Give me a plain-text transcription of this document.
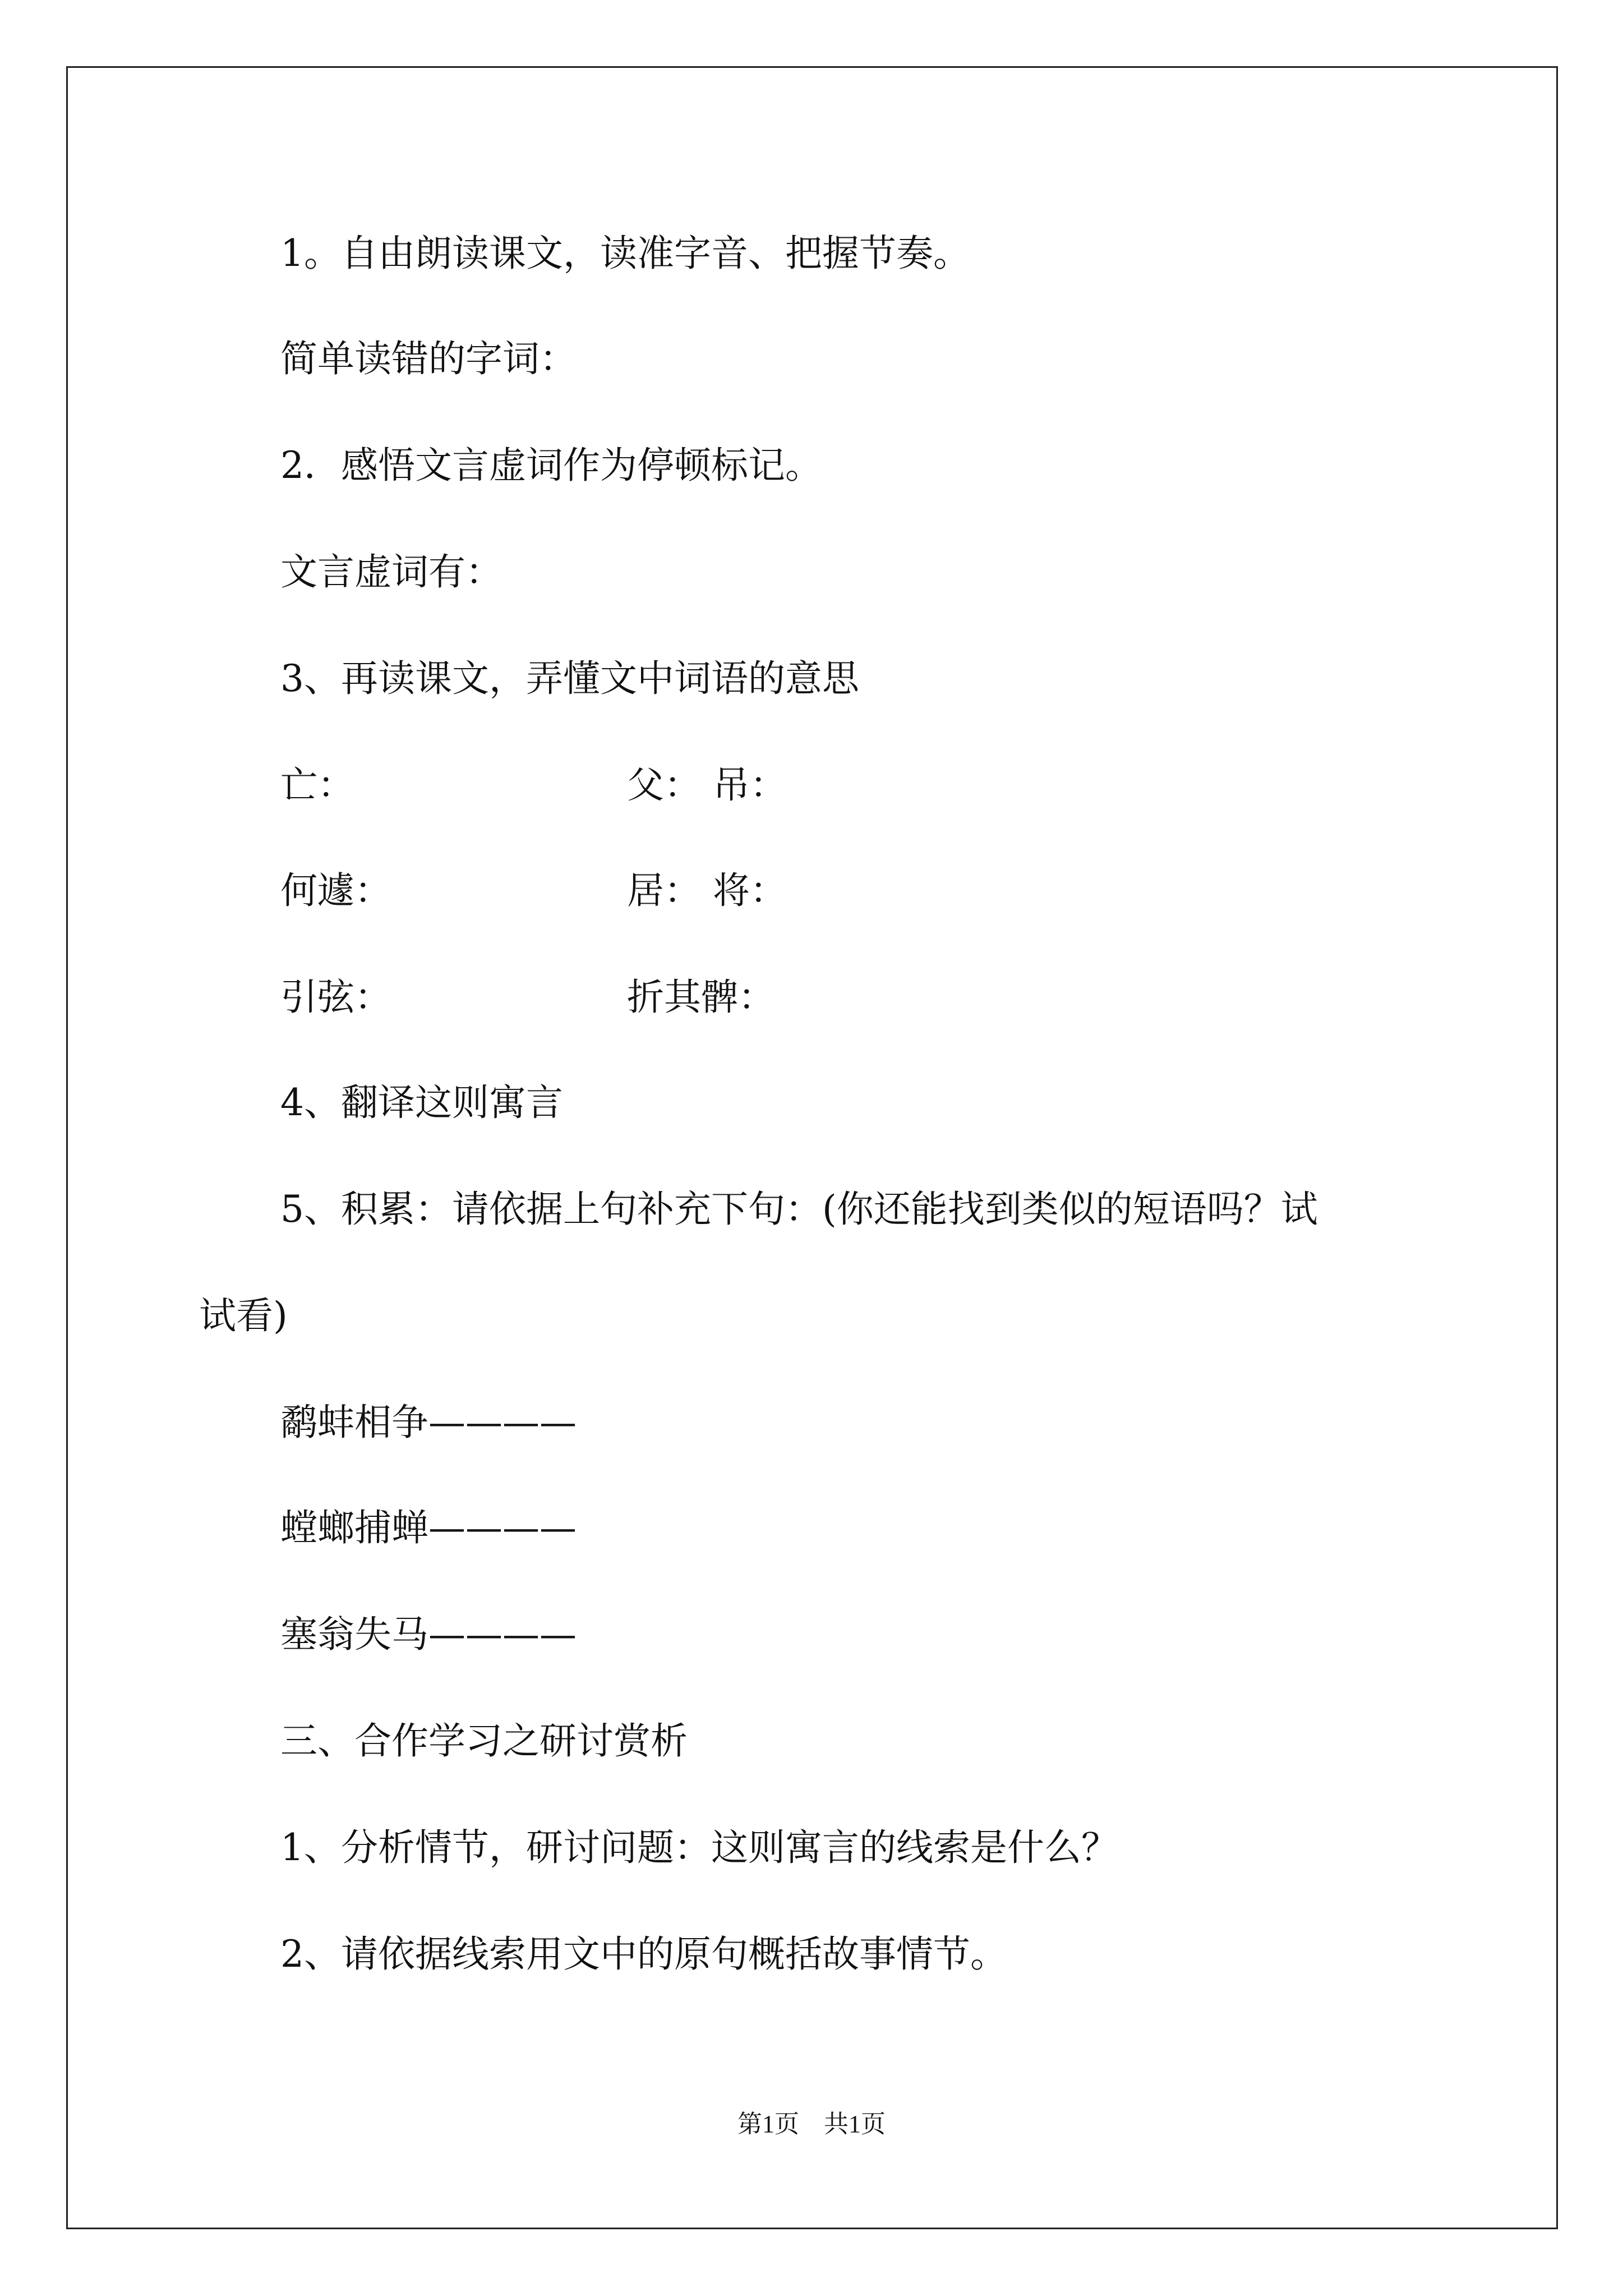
1。自由朗读课文，读准字音、把握节奏。
简单读错的字词：
2．感悟文言虚词作为停顿标记。
文言虚词有：
3、再读课文，弄懂文中词语的意思
亡：	父： 吊：
何遽：	居： 将：
引弦：	折其髀：
4、翻译这则寓言
5、积累：请依据上句补充下句：(你还能找到类似的短语吗？试
试看)
鹬蚌相争————
螳螂捕蝉————
塞翁失马————
三、合作学习之研讨赏析
1、分析情节，研讨问题：这则寓言的线索是什么？
2、请依据线索用文中的原句概括故事情节。
第1页 共1页
